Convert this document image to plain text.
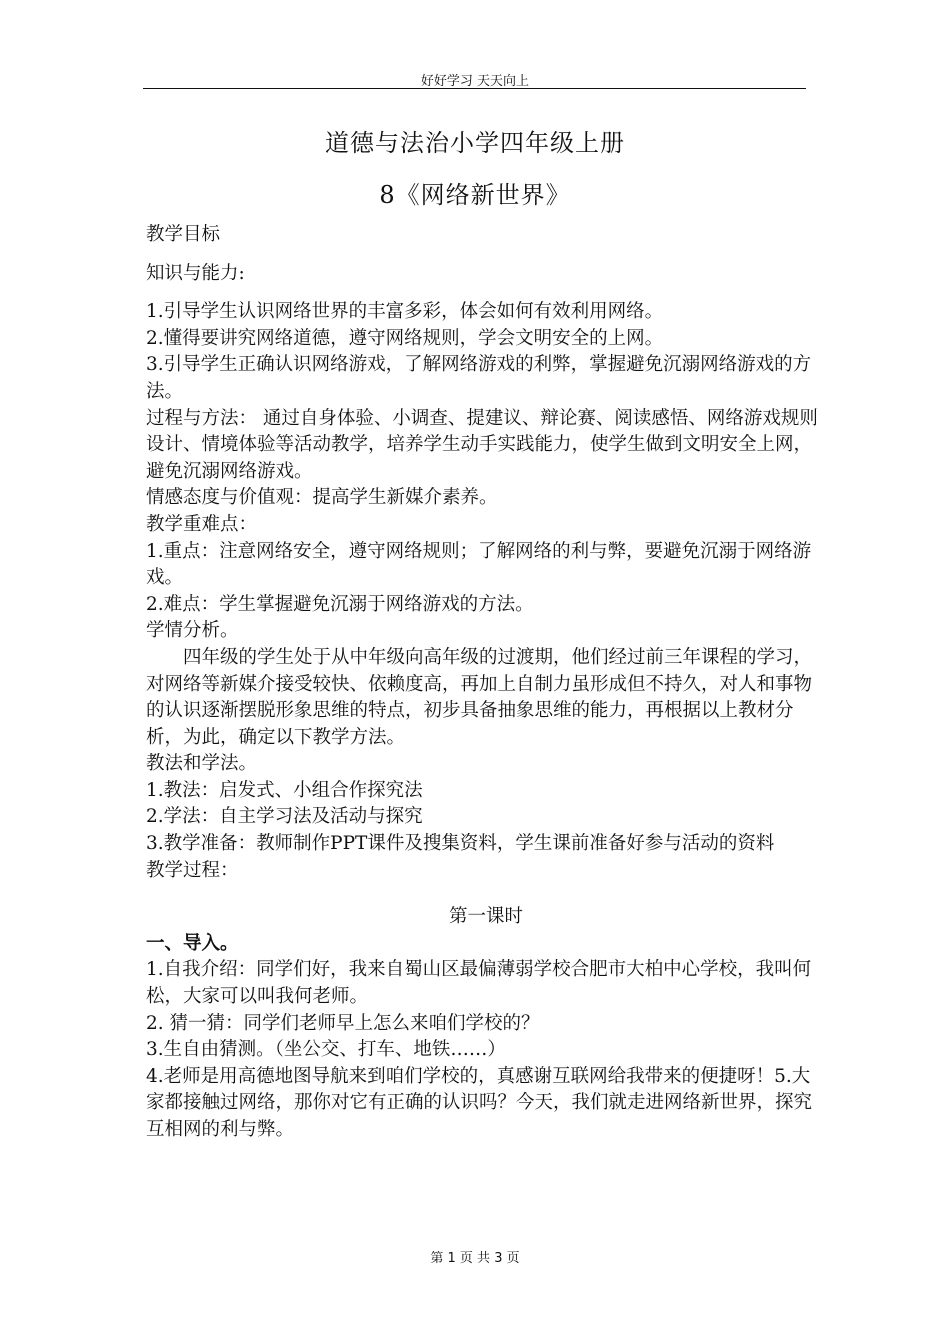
好好学习 天天向上
道德与法治小学四年级上册
8《网络新世界》

教学目标

知识与能力:

1.引导学生认识网络世界的丰富多彩，体会如何有效利用网络。

2.懂得要讲究网络道德，遵守网络规则，学会文明安全的上网。

3.引导学生正确认识网络游戏，了解网络游戏的利弊，掌握避免沉溺网络游戏的方法。

过程与方法： 通过自身体验、小调查、提建议、辩论赛、阅读感悟、网络游戏规则设计、情境体验等活动教学，培养学生动手实践能力，使学生做到文明安全上网，避免沉溺网络游戏。

情感态度与价值观：提高学生新媒介素养。

教学重难点：

1.重点：注意网络安全，遵守网络规则；了解网络的利与弊，要避免沉溺于网络游戏。

2.难点：学生掌握避免沉溺于网络游戏的方法。

学情分析。

四年级的学生处于从中年级向高年级的过渡期，他们经过前三年课程的学习，对网络等新媒介接受较快、依赖度高，再加上自制力虽形成但不持久，对人和事物的认识逐渐摆脱形象思维的特点，初步具备抽象思维的能力，再根据以上教材分析，为此，确定以下教学方法。

教法和学法。

1.教法：启发式、小组合作探究法

2.学法：自主学习法及活动与探究

3.教学准备：教师制作PPT课件及搜集资料，学生课前准备好参与活动的资料

教学过程：

第一课时

一、导入。

1.自我介绍：同学们好，我来自蜀山区最偏薄弱学校合肥市大柏中心学校，我叫何松，大家可以叫我何老师。

2. 猜一猜：同学们老师早上怎么来咱们学校的？

3.生自由猜测。（坐公交、打车、地铁……）

4.老师是用高德地图导航来到咱们学校的，真感谢互联网给我带来的便捷呀！5.大家都接触过网络，那你对它有正确的认识吗？今天，我们就走进网络新世界，探究互相网的利与弊。

第 1 页 共 3 页
